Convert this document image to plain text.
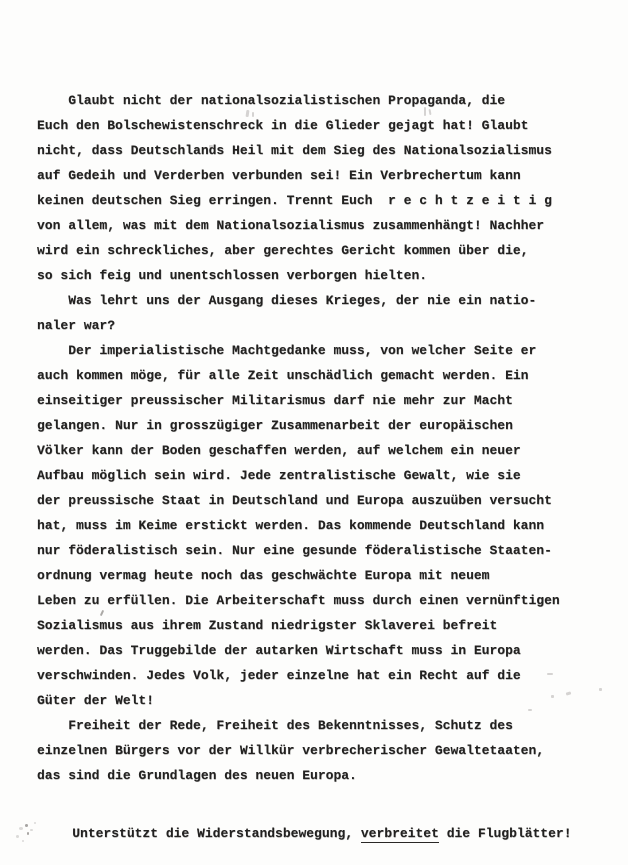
Glaubt nicht der nationalsozialistischen Propaganda, die
Euch den Bolschewistenschreck in die Glieder gejagt hat! Glaubt
nicht, dass Deutschlands Heil mit dem Sieg des Nationalsozialismus
auf Gedeih und Verderben verbunden sei! Ein Verbrechertum kann
keinen deutschen Sieg erringen. Trennt Euch  r e c h t z e i t i g
von allem, was mit dem Nationalsozialismus zusammenhängt! Nachher
wird ein schreckliches, aber gerechtes Gericht kommen über die,
so sich feig und unentschlossen verborgen hielten.
Was lehrt uns der Ausgang dieses Krieges, der nie ein natio-
naler war?
Der imperialistische Machtgedanke muss, von welcher Seite er
auch kommen möge, für alle Zeit unschädlich gemacht werden. Ein
einseitiger preussischer Militarismus darf nie mehr zur Macht
gelangen. Nur in grosszügiger Zusammenarbeit der europäischen
Völker kann der Boden geschaffen werden, auf welchem ein neuer
Aufbau möglich sein wird. Jede zentralistische Gewalt, wie sie
der preussische Staat in Deutschland und Europa auszuüben versucht
hat, muss im Keime erstickt werden. Das kommende Deutschland kann
nur föderalistisch sein. Nur eine gesunde föderalistische Staaten-
ordnung vermag heute noch das geschwächte Europa mit neuem
Leben zu erfüllen. Die Arbeiterschaft muss durch einen vernünftigen
Sozialismus aus ihrem Zustand niedrigster Sklaverei befreit
werden. Das Truggebilde der autarken Wirtschaft muss in Europa
verschwinden. Jedes Volk, jeder einzelne hat ein Recht auf die
Güter der Welt!
Freiheit der Rede, Freiheit des Bekenntnisses, Schutz des
einzelnen Bürgers vor der Willkür verbrecherischer Gewaltetaaten,
das sind die Grundlagen des neuen Europa.

Unterstützt die Widerstandsbewegung, verbreitet die Flugblätter!
